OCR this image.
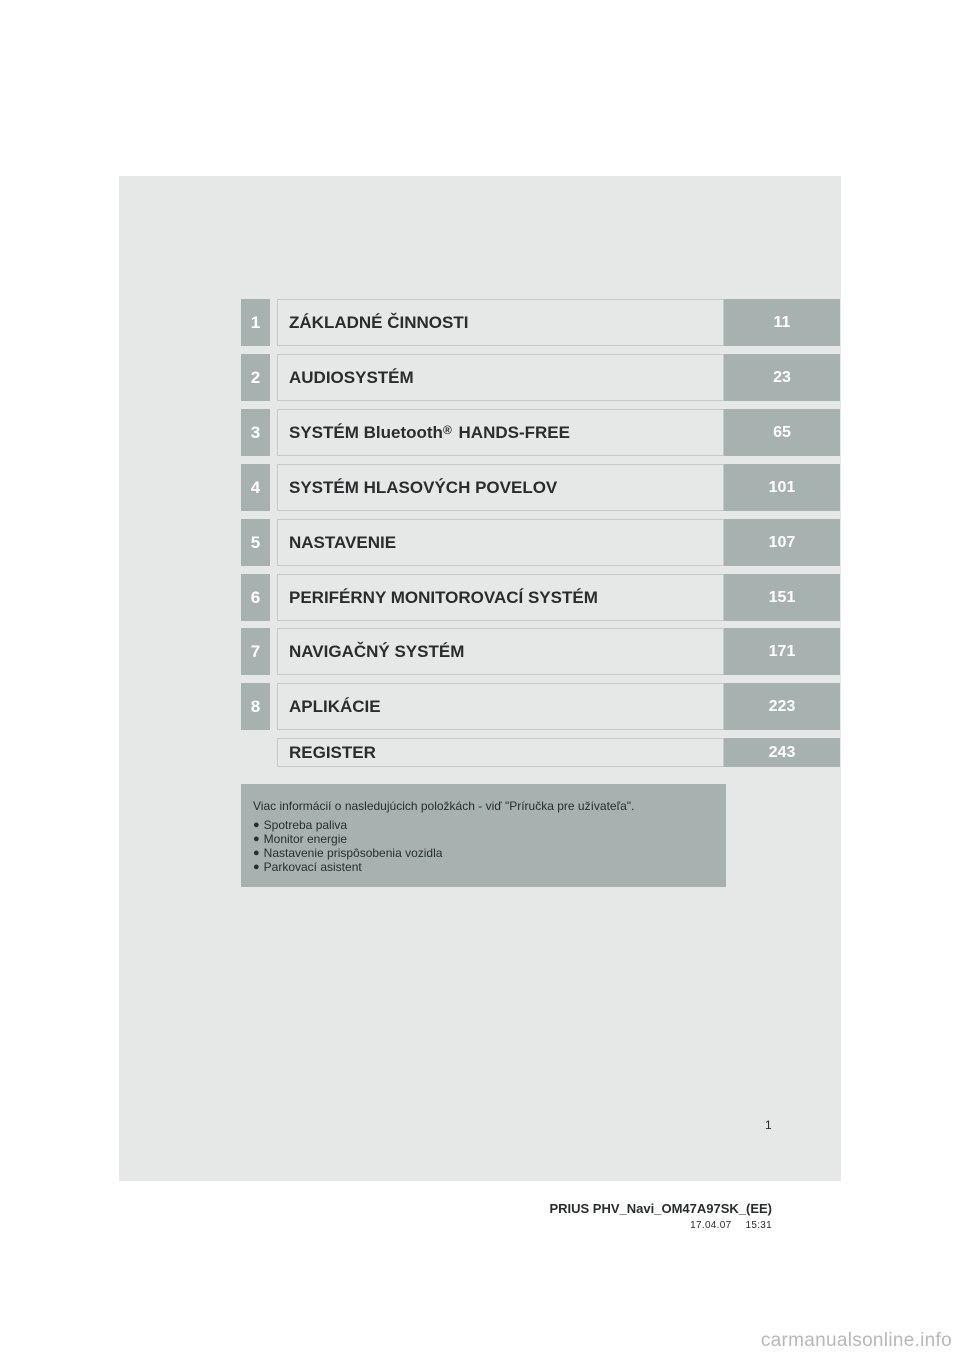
1	ZÁKLADNÉ ČINNOSTI	11
2	AUDIOSYSTÉM	23
3	SYSTÉM Bluetooth® HANDS-FREE	65
4	SYSTÉM HLASOVÝCH POVELOV	101
5	NASTAVENIE	107
6	PERIFÉRNY MONITOROVACÍ SYSTÉM	151
7	NAVIGAČNÝ SYSTÉM	171
8	APLIKÁCIE	223
REGISTER	243

Viac informácií o nasledujúcich položkách - viď "Príručka pre užívateľa".

● Spotreba paliva
● Monitor energie
● Nastavenie prispôsobenia vozidla
● Parkovací asistent
1
PRIUS PHV_Navi_OM47A97SK_(EE)
17.04.07 15:31
carmanualsonline.info
